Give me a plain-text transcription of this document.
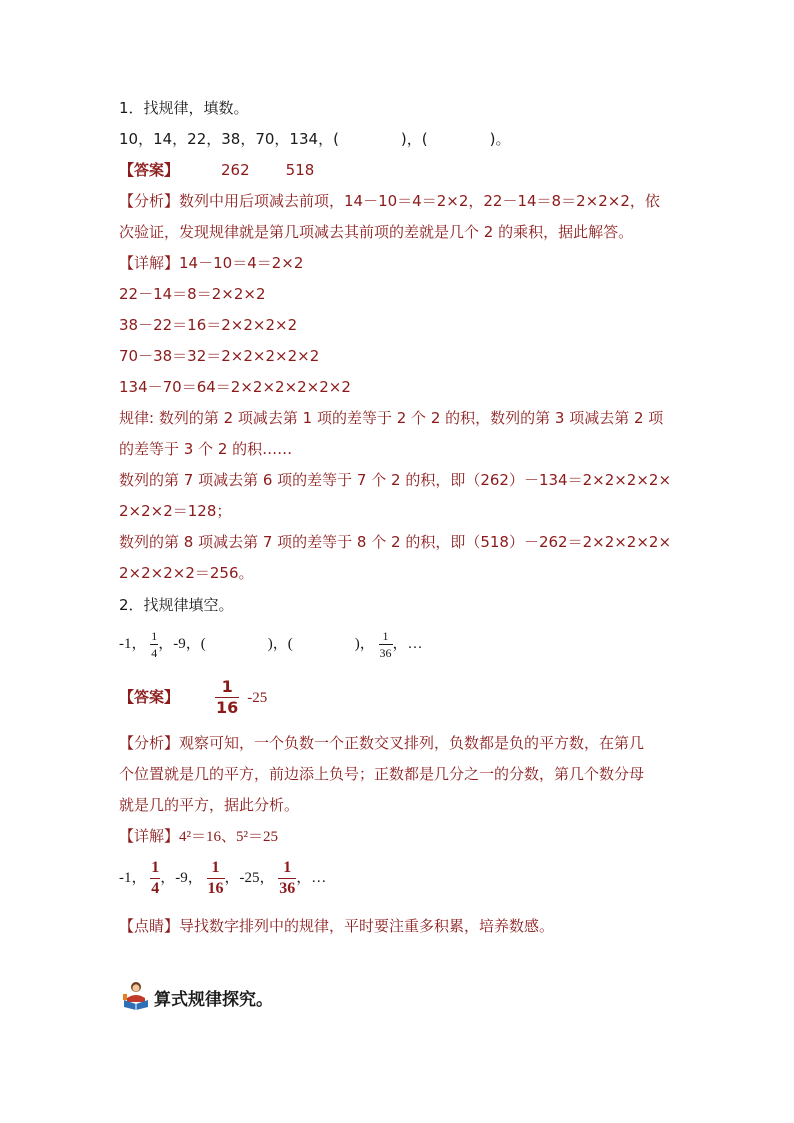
1．找规律，填数。
10，14，22，38，70，134，(	)，(	)。
【答案】	262 518
【分析】数列中用后项减去前项，14－10＝4＝2×2，22－14＝8＝2×2×2，依
次验证，发现规律就是第几项减去其前项的差就是几个 2 的乘积，据此解答。
【详解】14－10＝4＝2×2
22－14＝8＝2×2×2
38－22＝16＝2×2×2×2
70－38＝32＝2×2×2×2×2
134－70＝64＝2×2×2×2×2×2
规律: 数列的第 2 项减去第 1 项的差等于 2 个 2 的积，数列的第 3 项减去第 2 项
的差等于 3 个 2 的积……
数列的第 7 项减去第 6 项的差等于 7 个 2 的积，即（262）－134＝2×2×2×2×
2×2×2＝128；
数列的第 8 项减去第 7 项的差等于 8 个 2 的积，即（518）－262＝2×2×2×2×
2×2×2×2＝256。
2．找规律填空。
-1， $\frac{1}{4}$ ，-9，(	)，(	)， $\frac{1}{36}$ ，…
【答案】 $\frac{1}{16} -25$
【分析】观察可知，一个负数一个正数交叉排列，负数都是负的平方数，在第几
个位置就是几的平方，前边添上负号；正数都是几分之一的分数，第几个数分母
就是几的平方，据此分析。
【详解】4²＝16、5²＝25
-1， $\frac{1}{4}$ ，-9， $\frac{1}{16}$ ，-25， $\frac{1}{36}$ ，…
【点睛】导找数字排列中的规律，平时要注重多积累，培养数感。
算式规律探究。
